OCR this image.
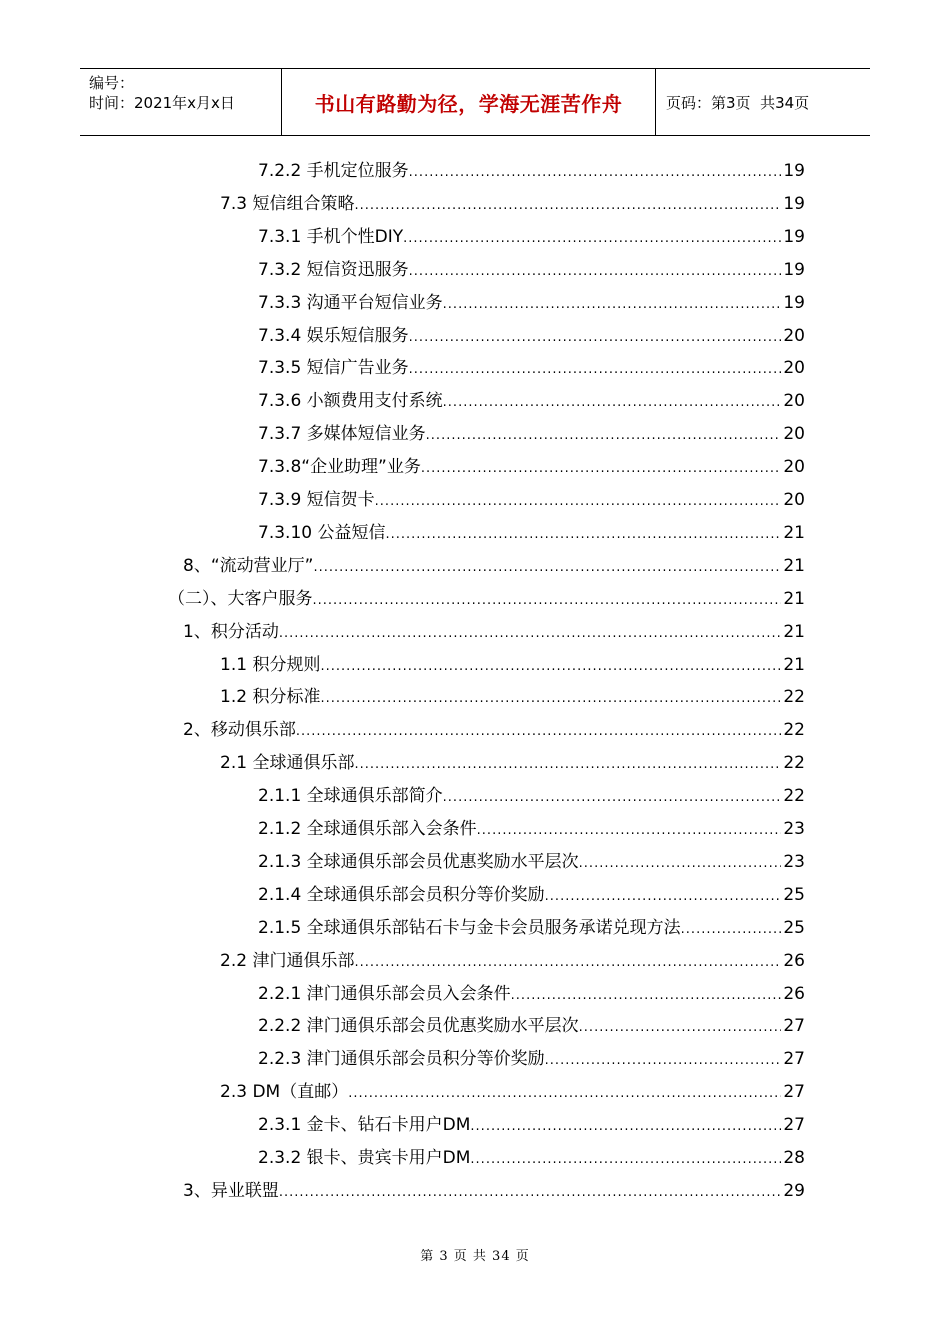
编号：
时间：2021年x月x日	书山有路勤为径，学海无涯苦作舟	页码：第3页  共34页
7.2.2 手机定位服务 .....	19
7.3 短信组合策略 .....	19
7.3.1 手机个性DIY .....	19
7.3.2 短信资迅服务 .....	19
7.3.3 沟通平台短信业务 .....	19
7.3.4 娱乐短信服务 .....	20
7.3.5 短信广告业务 .....	20
7.3.6 小额费用支付系统 .....	20
7.3.7 多媒体短信业务 .....	20
7.3.8“企业助理”业务 .....	20
7.3.9 短信贺卡 .....	20
7.3.10 公益短信 .....	21
8、“流动营业厅” .....	21
（二）、大客户服务 .....	21
1、积分活动 .....	21
1.1 积分规则 .....	21
1.2 积分标准 .....	22
2、移动俱乐部 .....	22
2.1 全球通俱乐部 .....	22
2.1.1 全球通俱乐部简介 .....	22
2.1.2 全球通俱乐部入会条件 .....	23
2.1.3 全球通俱乐部会员优惠奖励水平层次 .....	23
2.1.4 全球通俱乐部会员积分等价奖励 .....	25
2.1.5 全球通俱乐部钻石卡与金卡会员服务承诺兑现方法 .....	25
2.2 津门通俱乐部 .....	26
2.2.1 津门通俱乐部会员入会条件 .....	26
2.2.2 津门通俱乐部会员优惠奖励水平层次 .....	27
2.2.3 津门通俱乐部会员积分等价奖励 .....	27
2.3 DM（直邮） .....	27
2.3.1 金卡、钻石卡用户DM .....	27
2.3.2 银卡、贵宾卡用户DM .....	28
3、异业联盟 .....	29
第 3 页 共 34 页
